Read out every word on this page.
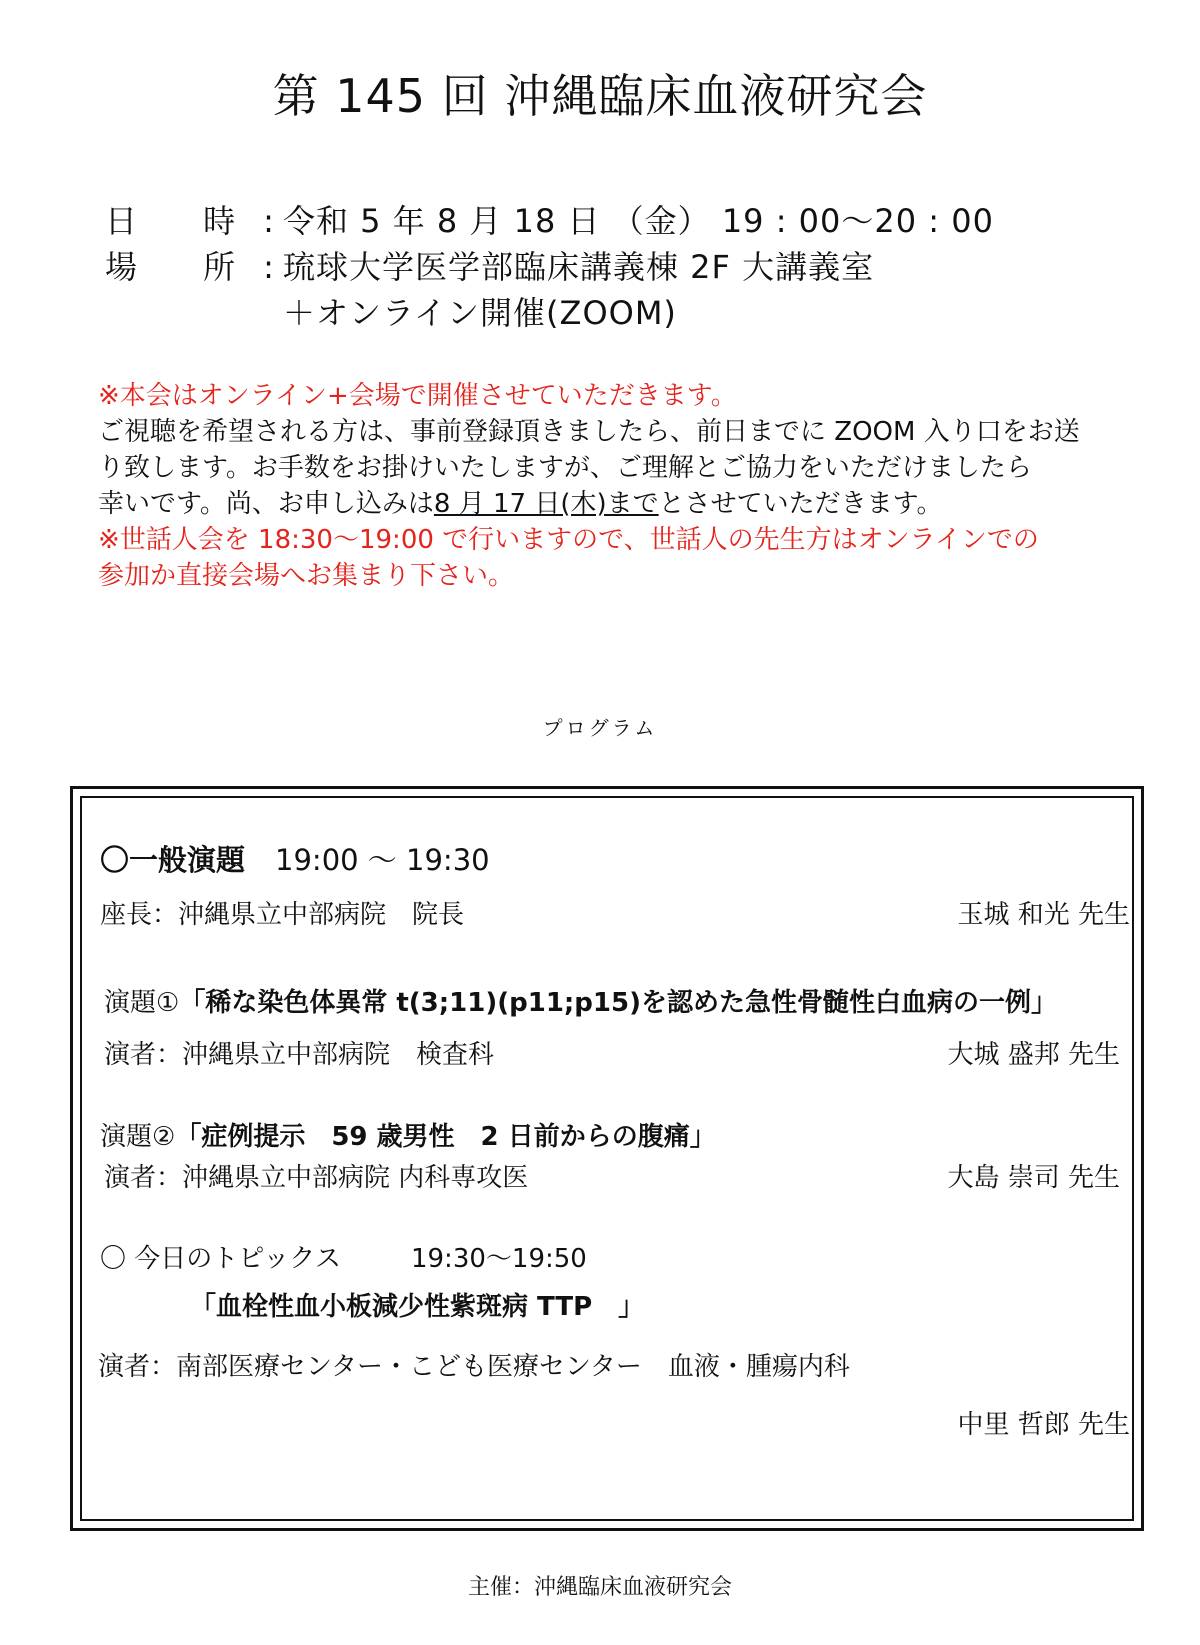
第 145 回 沖縄臨床血液研究会
日 時: 令和 5 年 8 月 18 日 （金） 19 : 00～20 : 00
場 所: 琉球大学医学部臨床講義棟 2F 大講義室
＋オンライン開催(ZOOM)
※本会はオンライン+会場で開催させていただきます。
ご視聴を希望される方は、事前登録頂きましたら、前日までに ZOOM 入り口をお送
り致します。お手数をお掛けいたしますが、ご理解とご協力をいただけましたら
幸いです。尚、お申し込みは8 月 17 日(木)までとさせていただきます。
※世話人会を 18:30～19:00 で行いますので、世話人の先生方はオンラインでの
参加か直接会場へお集まり下さい。
プログラム
〇一般演題 19:00 ～ 19:30
座長：沖縄県立中部病院　院長	玉城 和光 先生
演題①「稀な染色体異常 t(3;11)(p11;p15)を認めた急性骨髄性白血病の一例」
演者：沖縄県立中部病院　検査科	大城 盛邦 先生
演題②「症例提示　59 歳男性　2 日前からの腹痛」
演者：沖縄県立中部病院 内科専攻医	大島 崇司 先生
〇 今日のトピックス	19:30～19:50
「血栓性血小板減少性紫斑病 TTP　」
演者：南部医療センター・こども医療センター　血液・腫瘍内科
中里 哲郎 先生
主催：沖縄臨床血液研究会
